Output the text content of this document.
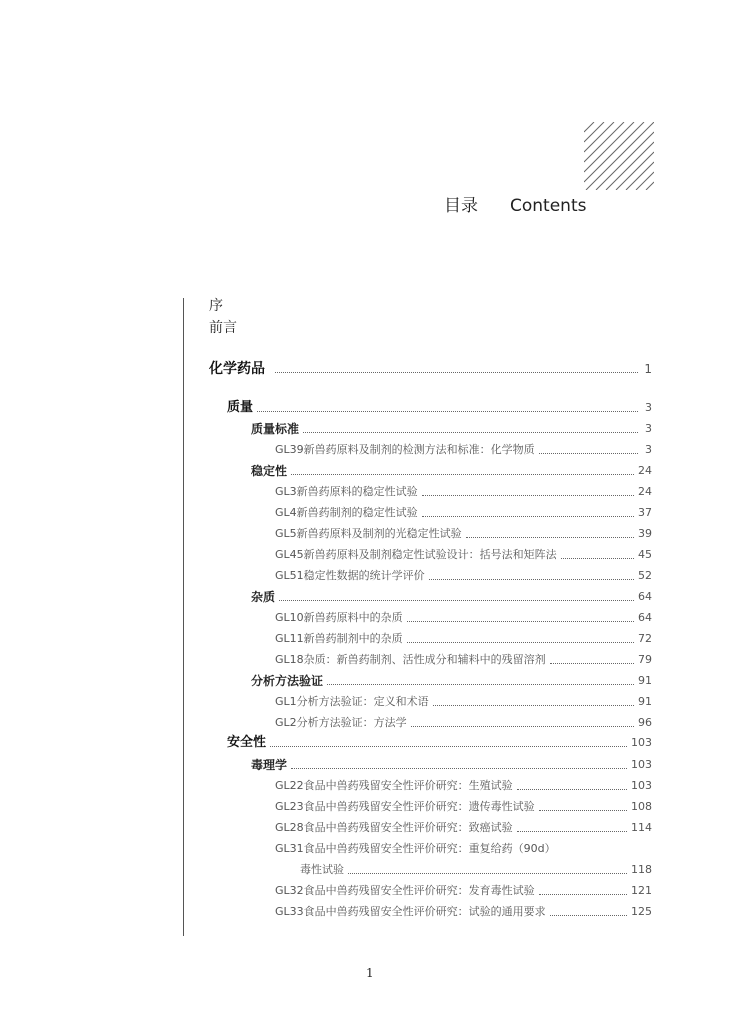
目录 Contents
序
前言
化学药品	1
质量	3
质量标准	3
GL39新兽药原料及制剂的检测方法和标准：化学物质	3
稳定性	24
GL3新兽药原料的稳定性试验	24
GL4新兽药制剂的稳定性试验	37
GL5新兽药原料及制剂的光稳定性试验	39
GL45新兽药原料及制剂稳定性试验设计：括号法和矩阵法	45
GL51稳定性数据的统计学评价	52
杂质	64
GL10新兽药原料中的杂质	64
GL11新兽药制剂中的杂质	72
GL18杂质：新兽药制剂、活性成分和辅料中的残留溶剂	79
分析方法验证	91
GL1分析方法验证：定义和术语	91
GL2分析方法验证：方法学	96
安全性	103
毒理学	103
GL22食品中兽药残留安全性评价研究：生殖试验	103
GL23食品中兽药残留安全性评价研究：遗传毒性试验	108
GL28食品中兽药残留安全性评价研究：致癌试验	114
GL31食品中兽药残留安全性评价研究：重复给药（90d）
毒性试验	118
GL32食品中兽药残留安全性评价研究：发育毒性试验	121
GL33食品中兽药残留安全性评价研究：试验的通用要求	125
1
